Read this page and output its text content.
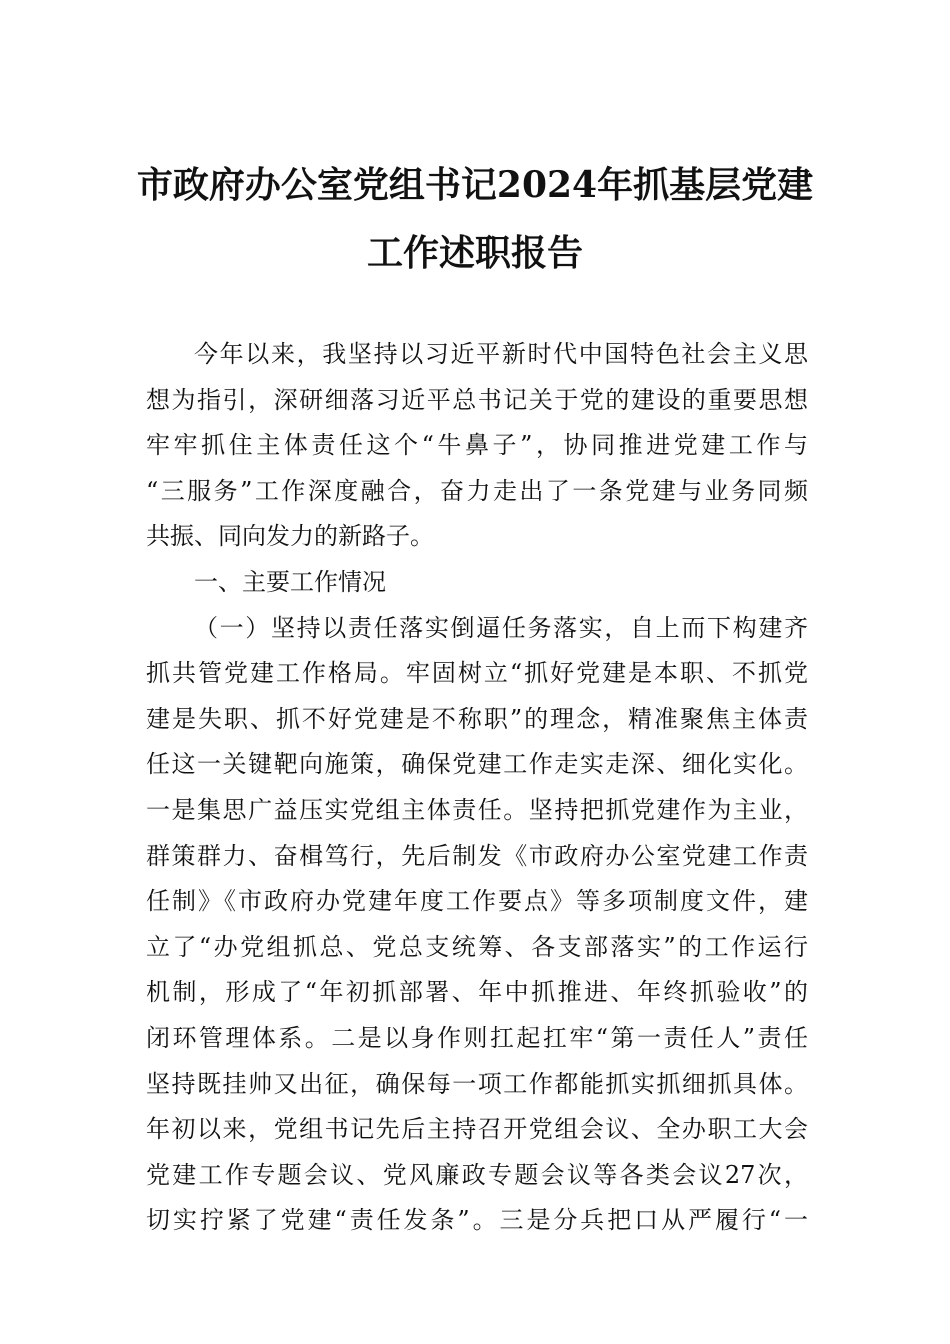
市政府办公室党组书记2024年抓基层党建
工作述职报告
今年以来，我坚持以习近平新时代中国特色社会主义思
想为指引，深研细落习近平总书记关于党的建设的重要思想
牢牢抓住主体责任这个“牛鼻子”，协同推进党建工作与
“三服务”工作深度融合，奋力走出了一条党建与业务同频
共振、同向发力的新路子。
一、主要工作情况
（一）坚持以责任落实倒逼任务落实，自上而下构建齐
抓共管党建工作格局。牢固树立“抓好党建是本职、不抓党
建是失职、抓不好党建是不称职”的理念，精准聚焦主体责
任这一关键靶向施策，确保党建工作走实走深、细化实化。
一是集思广益压实党组主体责任。坚持把抓党建作为主业，
群策群力、奋楫笃行，先后制发《市政府办公室党建工作责
任制》《市政府办党建年度工作要点》等多项制度文件，建
立了“办党组抓总、党总支统筹、各支部落实”的工作运行
机制，形成了“年初抓部署、年中抓推进、年终抓验收”的
闭环管理体系。二是以身作则扛起扛牢“第一责任人”责任
坚持既挂帅又出征，确保每一项工作都能抓实抓细抓具体。
年初以来，党组书记先后主持召开党组会议、全办职工大会
党建工作专题会议、党风廉政专题会议等各类会议27次，
切实拧紧了党建“责任发条”。三是分兵把口从严履行“一
